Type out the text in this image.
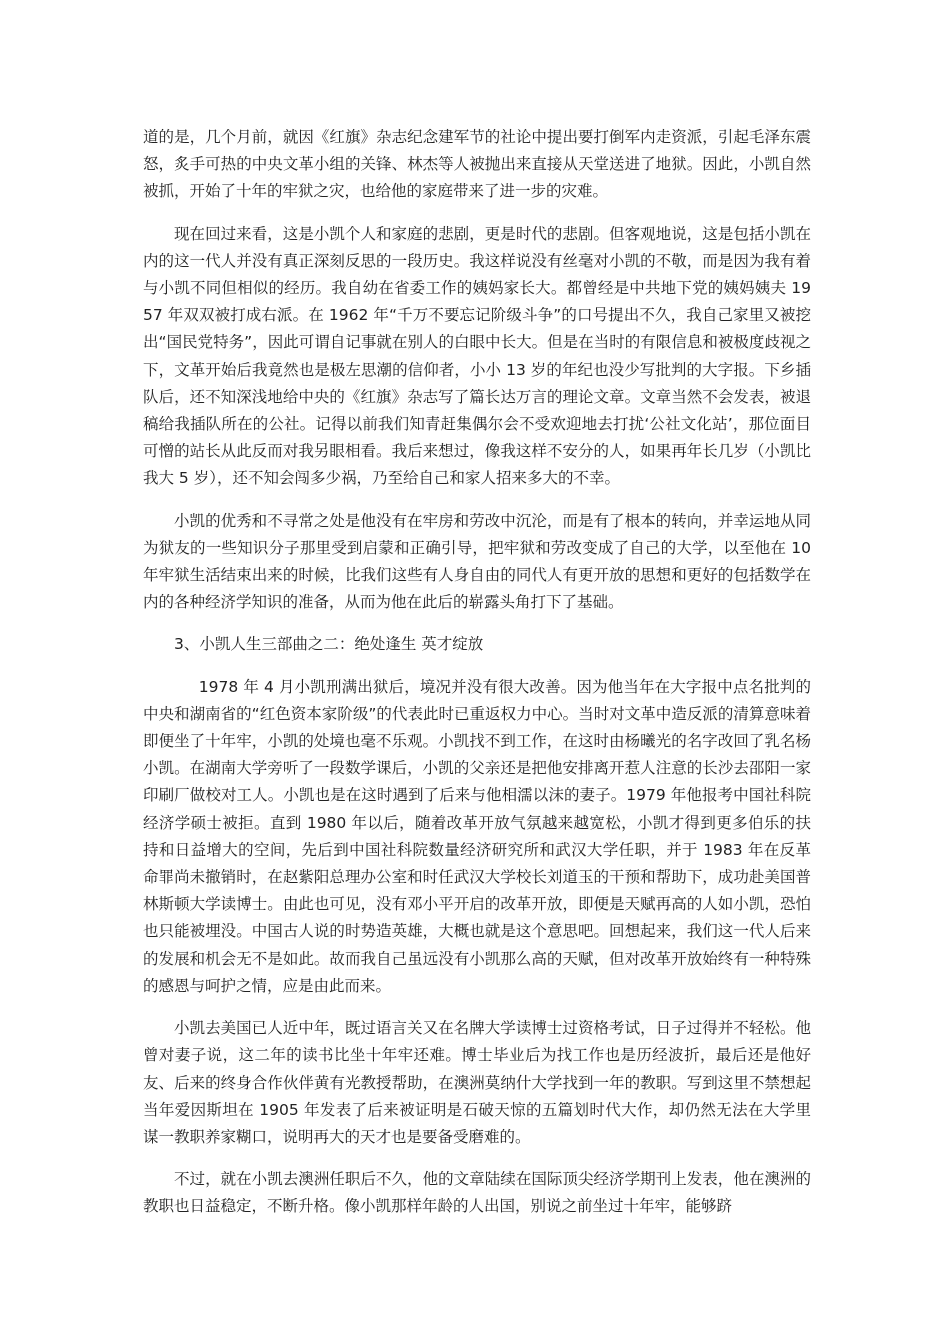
道的是，几个月前，就因《红旗》杂志纪念建军节的社论中提出要打倒军内走资派，引起毛泽东震怒，炙手可热的中央文革小组的关锋、林杰等人被抛出来直接从天堂送进了地狱。因此，小凯自然被抓，开始了十年的牢狱之灾，也给他的家庭带来了进一步的灾难。

现在回过来看，这是小凯个人和家庭的悲剧，更是时代的悲剧。但客观地说，这是包括小凯在内的这一代人并没有真正深刻反思的一段历史。我这样说没有丝毫对小凯的不敬，而是因为我有着与小凯不同但相似的经历。我自幼在省委工作的姨妈家长大。都曾经是中共地下党的姨妈姨夫 1957 年双双被打成右派。在 1962 年“千万不要忘记阶级斗争”的口号提出不久，我自己家里又被挖出“国民党特务”，因此可谓自记事就在别人的白眼中长大。但是在当时的有限信息和被极度歧视之下，文革开始后我竟然也是极左思潮的信仰者，小小 13 岁的年纪也没少写批判的大字报。下乡插队后，还不知深浅地给中央的《红旗》杂志写了篇长达万言的理论文章。文章当然不会发表，被退稿给我插队所在的公社。记得以前我们知青赶集偶尔会不受欢迎地去打扰‘公社文化站’，那位面目可憎的站长从此反而对我另眼相看。我后来想过，像我这样不安分的人，如果再年长几岁（小凯比我大 5 岁），还不知会闯多少祸，乃至给自己和家人招来多大的不幸。

小凯的优秀和不寻常之处是他没有在牢房和劳改中沉沦，而是有了根本的转向，并幸运地从同为狱友的一些知识分子那里受到启蒙和正确引导，把牢狱和劳改变成了自己的大学，以至他在 10 年牢狱生活结束出来的时候，比我们这些有人身自由的同代人有更开放的思想和更好的包括数学在内的各种经济学知识的准备，从而为他在此后的崭露头角打下了基础。

3、小凯人生三部曲之二：绝处逢生 英才绽放

1978 年 4 月小凯刑满出狱后，境况并没有很大改善。因为他当年在大字报中点名批判的中央和湖南省的“红色资本家阶级”的代表此时已重返权力中心。当时对文革中造反派的清算意味着即便坐了十年牢，小凯的处境也毫不乐观。小凯找不到工作，在这时由杨曦光的名字改回了乳名杨小凯。在湖南大学旁听了一段数学课后，小凯的父亲还是把他安排离开惹人注意的长沙去邵阳一家印刷厂做校对工人。小凯也是在这时遇到了后来与他相濡以沫的妻子。1979 年他报考中国社科院经济学硕士被拒。直到 1980 年以后，随着改革开放气氛越来越宽松，小凯才得到更多伯乐的扶持和日益增大的空间，先后到中国社科院数量经济研究所和武汉大学任职，并于 1983 年在反革命罪尚未撤销时，在赵紫阳总理办公室和时任武汉大学校长刘道玉的干预和帮助下，成功赴美国普林斯顿大学读博士。由此也可见，没有邓小平开启的改革开放，即便是天赋再高的人如小凯，恐怕也只能被埋没。中国古人说的时势造英雄，大概也就是这个意思吧。回想起来，我们这一代人后来的发展和机会无不是如此。故而我自己虽远没有小凯那么高的天赋，但对改革开放始终有一种特殊的感恩与呵护之情，应是由此而来。

小凯去美国已人近中年，既过语言关又在名牌大学读博士过资格考试，日子过得并不轻松。他曾对妻子说，这二年的读书比坐十年牢还难。博士毕业后为找工作也是历经波折，最后还是他好友、后来的终身合作伙伴黄有光教授帮助，在澳洲莫纳什大学找到一年的教职。写到这里不禁想起当年爱因斯坦在 1905 年发表了后来被证明是石破天惊的五篇划时代大作，却仍然无法在大学里谋一教职养家糊口，说明再大的天才也是要备受磨难的。

不过，就在小凯去澳洲任职后不久，他的文章陆续在国际顶尖经济学期刊上发表，他在澳洲的教职也日益稳定，不断升格。像小凯那样年龄的人出国，别说之前坐过十年牢，能够跻
